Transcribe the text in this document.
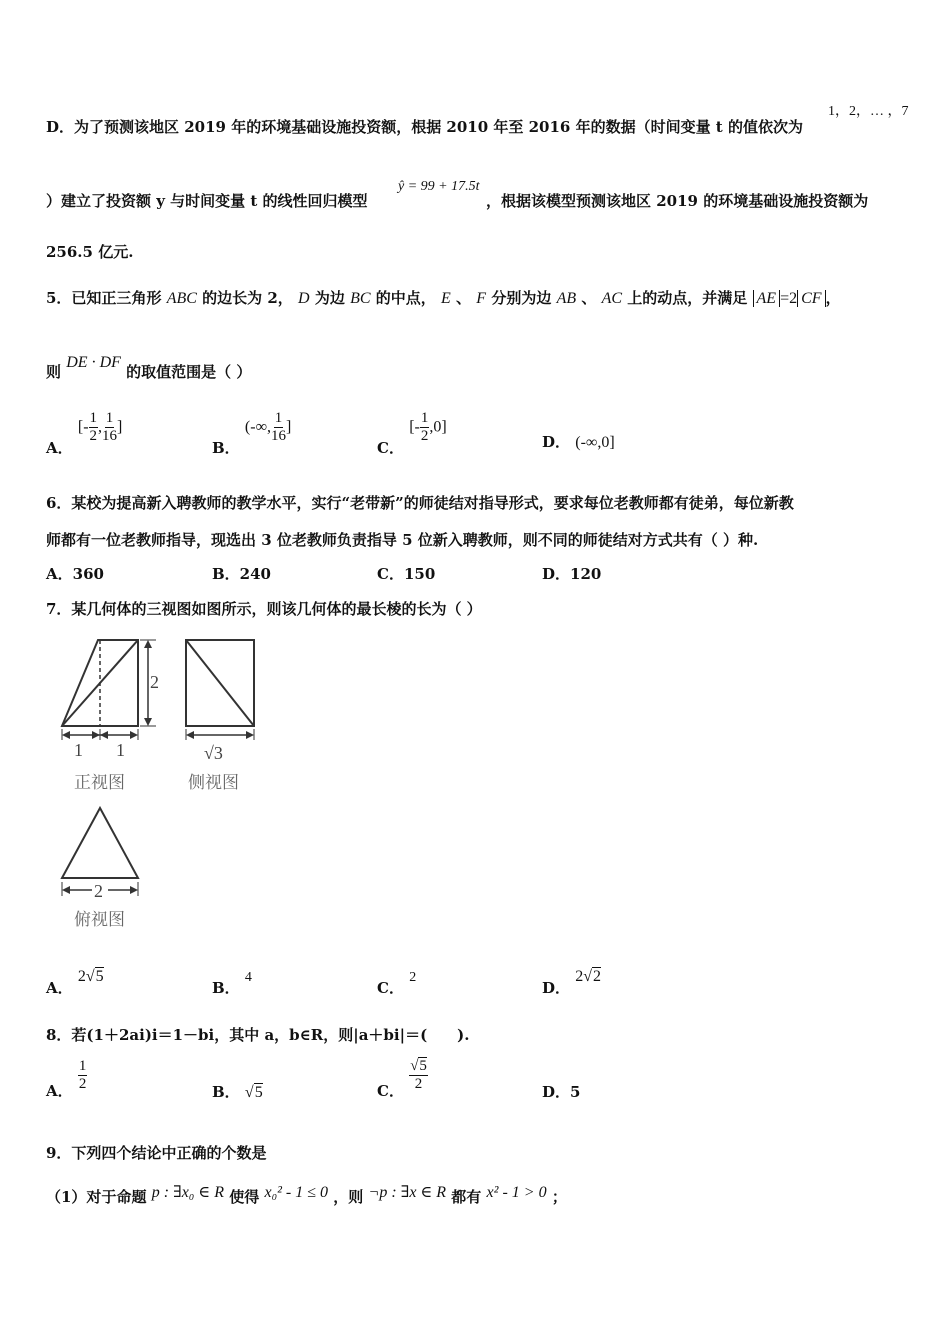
D．为了预测该地区 2019 年的环境基础设施投资额，根据 2010 年至 2016 年的数据（时间变量 t 的值依次为
1，2，… ，7
）建立了投资额 y 与时间变量 t 的线性回归模型
ŷ = 99 + 17.5t
，根据该模型预测该地区 2019 的环境基础设施投资额为
256.5 亿元.
5．已知正三角形 ABC 的边长为 2， D 为边 BC 的中点， E 、 F 分别为边 AB 、 AC 上的动点，并满足 AE =2 CF ，
则 DE · DF 的取值范围是（ ）
A． [- $\frac{1}{2}$ , $\frac{1}{16}$ ]
B． (-∞, $\frac{1}{16}$ ]
C． [- $\frac{1}{2} ,0$]
D． (-∞,0]
6．某校为提高新入聘教师的教学水平，实行“老带新”的师徒结对指导形式，要求每位老教师都有徒弟，每位新教
师都有一位老教师指导，现选出 3 位老教师负责指导 5 位新入聘教师，则不同的师徒结对方式共有（ ）种.
A．360	B．240	C．150	D．120
7．某几何体的三视图如图所示，则该几何体的最长棱的长为（ ）
2
1 1
正视图
√3
侧视图
2
俯视图
A． 2√5
B． 4
C． 2
D． 2√2
8．若(1＋2ai)i＝1－bi，其中 a，b∈R，则|a＋bi|＝(　　).
A． $\frac{1}{2}$	B． √5	C． $\frac{√5}{2}$	D．5
9．下列四个结论中正确的个数是
（1）对于命题 p : ∃x₀ ∈ R 使得 x₀² - 1 ≤ 0 ，则 ¬p : ∃x ∈ R 都有 x² - 1 > 0 ；
